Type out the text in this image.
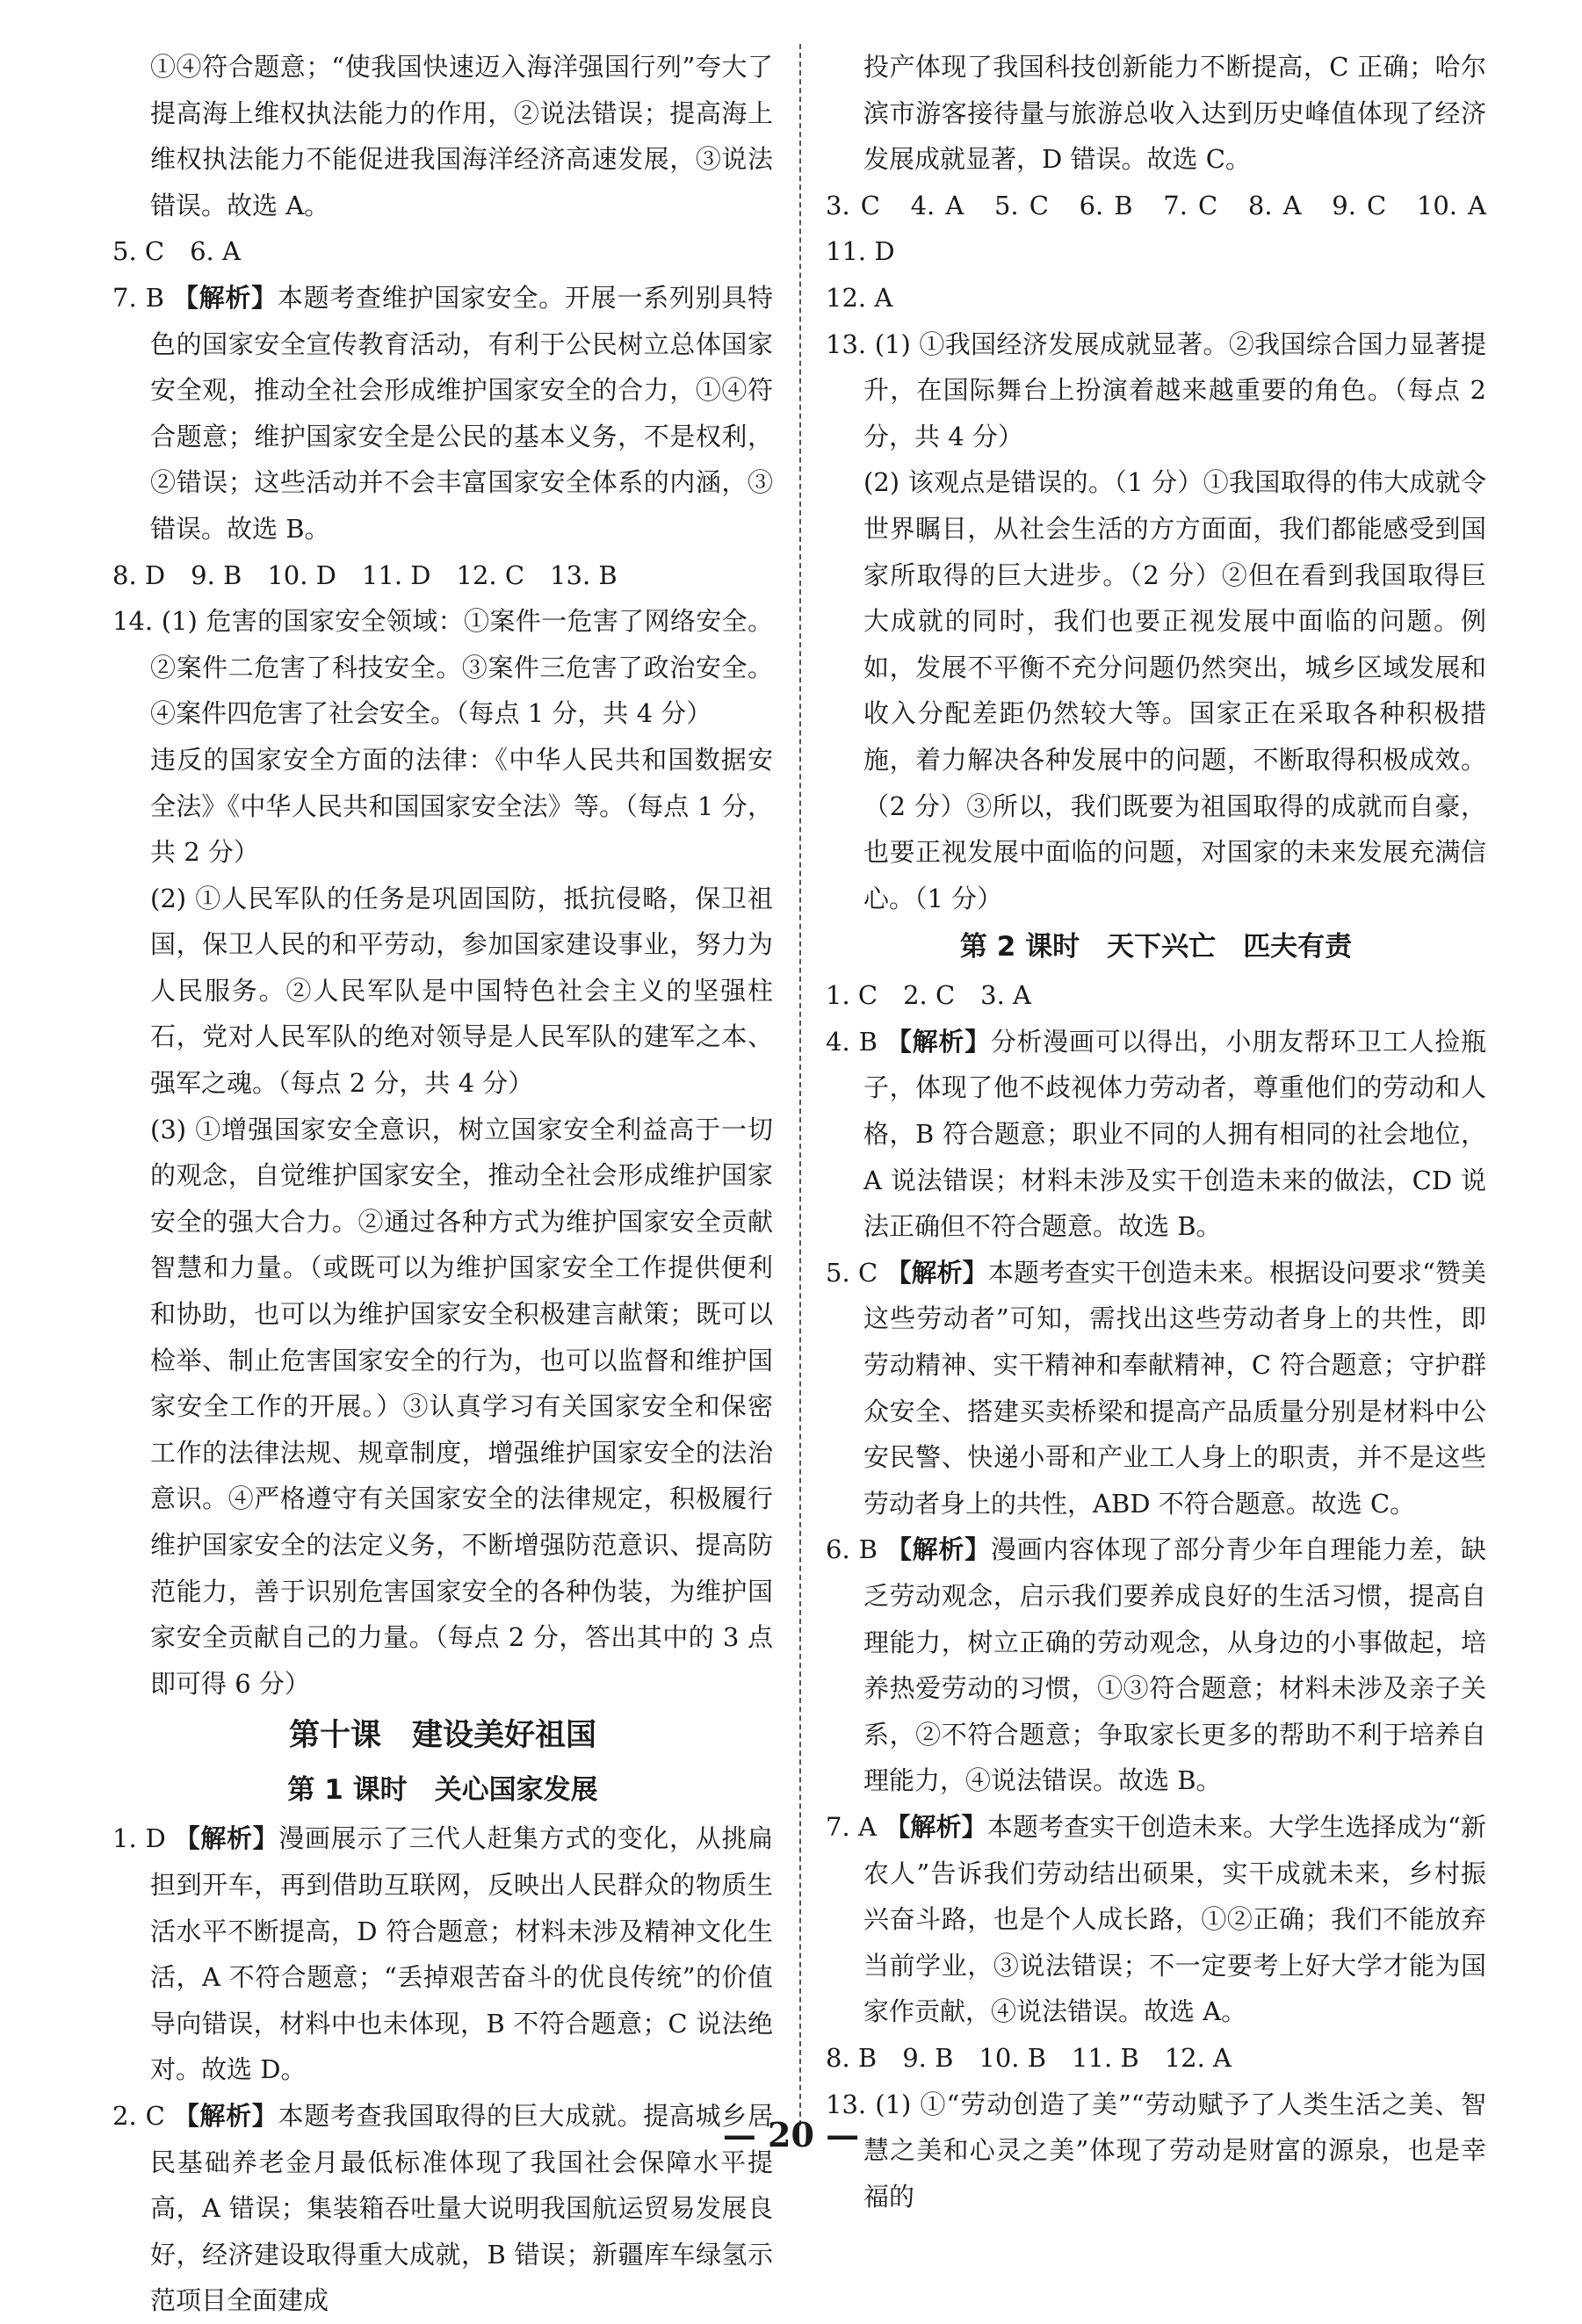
①④符合题意；“使我国快速迈入海洋强国行列”夸大了提高海上维权执法能力的作用，②说法错误；提高海上维权执法能力不能促进我国海洋经济高速发展，③说法错误。故选 A。

5. C　6. A

7. B 【解析】本题考查维护国家安全。开展一系列别具特色的国家安全宣传教育活动，有利于公民树立总体国家安全观，推动全社会形成维护国家安全的合力，①④符合题意；维护国家安全是公民的基本义务，不是权利，②错误；这些活动并不会丰富国家安全体系的内涵，③错误。故选 B。

8. D　9. B　10. D　11. D　12. C　13. B

14. (1) 危害的国家安全领域：①案件一危害了网络安全。②案件二危害了科技安全。③案件三危害了政治安全。④案件四危害了社会安全。（每点 1 分，共 4 分）

违反的国家安全方面的法律：《中华人民共和国数据安全法》《中华人民共和国国家安全法》等。（每点 1 分，共 2 分）

(2) ①人民军队的任务是巩固国防，抵抗侵略，保卫祖国，保卫人民的和平劳动，参加国家建设事业，努力为人民服务。②人民军队是中国特色社会主义的坚强柱石，党对人民军队的绝对领导是人民军队的建军之本、强军之魂。（每点 2 分，共 4 分）

(3) ①增强国家安全意识，树立国家安全利益高于一切的观念，自觉维护国家安全，推动全社会形成维护国家安全的强大合力。②通过各种方式为维护国家安全贡献智慧和力量。（或既可以为维护国家安全工作提供便利和协助，也可以为维护国家安全积极建言献策；既可以检举、制止危害国家安全的行为，也可以监督和维护国家安全工作的开展。）③认真学习有关国家安全和保密工作的法律法规、规章制度，增强维护国家安全的法治意识。④严格遵守有关国家安全的法律规定，积极履行维护国家安全的法定义务，不断增强防范意识、提高防范能力，善于识别危害国家安全的各种伪装，为维护国家安全贡献自己的力量。（每点 2 分，答出其中的 3 点即可得 6 分）

第十课　建设美好祖国

第 1 课时　关心国家发展

1. D 【解析】漫画展示了三代人赶集方式的变化，从挑扁担到开车，再到借助互联网，反映出人民群众的物质生活水平不断提高，D 符合题意；材料未涉及精神文化生活，A 不符合题意；“丢掉艰苦奋斗的优良传统”的价值导向错误，材料中也未体现，B 不符合题意；C 说法绝对。故选 D。

2. C 【解析】本题考查我国取得的巨大成就。提高城乡居民基础养老金月最低标准体现了我国社会保障水平提高，A 错误；集装箱吞吐量大说明我国航运贸易发展良好，经济建设取得重大成就，B 错误；新疆库车绿氢示范项目全面建成

投产体现了我国科技创新能力不断提高，C 正确；哈尔滨市游客接待量与旅游总收入达到历史峰值体现了经济发展成就显著，D 错误。故选 C。

3. C　4. A　5. C　6. B　7. C　8. A　9. C　10. A　11. D

12. A

13. (1) ①我国经济发展成就显著。②我国综合国力显著提升，在国际舞台上扮演着越来越重要的角色。（每点 2 分，共 4 分）

(2) 该观点是错误的。（1 分）①我国取得的伟大成就令世界瞩目，从社会生活的方方面面，我们都能感受到国家所取得的巨大进步。（2 分）②但在看到我国取得巨大成就的同时，我们也要正视发展中面临的问题。例如，发展不平衡不充分问题仍然突出，城乡区域发展和收入分配差距仍然较大等。国家正在采取各种积极措施，着力解决各种发展中的问题，不断取得积极成效。（2 分）③所以，我们既要为祖国取得的成就而自豪，也要正视发展中面临的问题，对国家的未来发展充满信心。（1 分）

第 2 课时　天下兴亡　匹夫有责

1. C　2. C　3. A

4. B 【解析】分析漫画可以得出，小朋友帮环卫工人捡瓶子，体现了他不歧视体力劳动者，尊重他们的劳动和人格，B 符合题意；职业不同的人拥有相同的社会地位，A 说法错误；材料未涉及实干创造未来的做法，CD 说法正确但不符合题意。故选 B。

5. C 【解析】本题考查实干创造未来。根据设问要求“赞美这些劳动者”可知，需找出这些劳动者身上的共性，即劳动精神、实干精神和奉献精神，C 符合题意；守护群众安全、搭建买卖桥梁和提高产品质量分别是材料中公安民警、快递小哥和产业工人身上的职责，并不是这些劳动者身上的共性，ABD 不符合题意。故选 C。

6. B 【解析】漫画内容体现了部分青少年自理能力差，缺乏劳动观念，启示我们要养成良好的生活习惯，提高自理能力，树立正确的劳动观念，从身边的小事做起，培养热爱劳动的习惯，①③符合题意；材料未涉及亲子关系，②不符合题意；争取家长更多的帮助不利于培养自理能力，④说法错误。故选 B。

7. A 【解析】本题考查实干创造未来。大学生选择成为“新农人”告诉我们劳动结出硕果，实干成就未来，乡村振兴奋斗路，也是个人成长路，①②正确；我们不能放弃当前学业，③说法错误；不一定要考上好大学才能为国家作贡献，④说法错误。故选 A。

8. B　9. B　10. B　11. B　12. A

13. (1) ①“劳动创造了美”“劳动赋予了人类生活之美、智慧之美和心灵之美”体现了劳动是财富的源泉，也是幸福的

— 20 —
